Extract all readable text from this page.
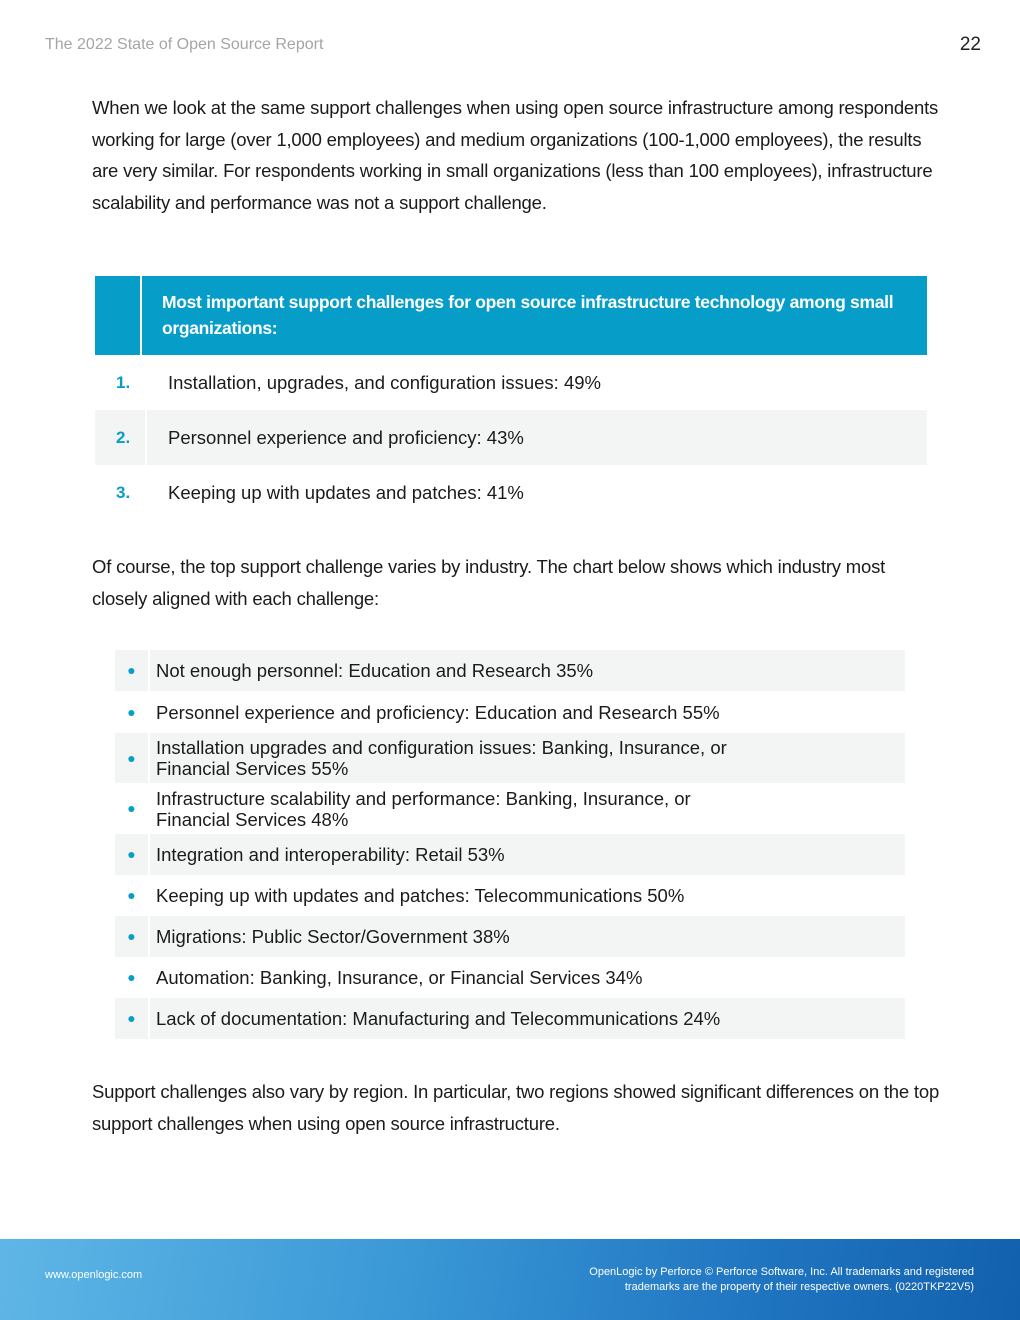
The 2022 State of Open Source Report	22

When we look at the same support challenges when using open source infrastructure among respondents working for large (over 1,000 employees) and medium organizations (100-1,000 employees), the results are very similar. For respondents working in small organizations (less than 100 employees), infrastructure scalability and performance was not a support challenge.

Most important support challenges for open source infrastructure technology among small organizations:
1.	Installation, upgrades, and configuration issues: 49%
2.	Personnel experience and proficiency: 43%
3.	Keeping up with updates and patches: 41%

Of course, the top support challenge varies by industry. The chart below shows which industry most closely aligned with each challenge:

●	Not enough personnel: Education and Research 35%
●	Personnel experience and proficiency: Education and Research 55%
●	Installation upgrades and configuration issues: Banking, Insurance, or Financial Services 55%
●	Infrastructure scalability and performance: Banking, Insurance, or Financial Services 48%
●	Integration and interoperability: Retail 53%
●	Keeping up with updates and patches: Telecommunications 50%
●	Migrations: Public Sector/Government 38%
●	Automation: Banking, Insurance, or Financial Services 34%
●	Lack of documentation: Manufacturing and Telecommunications 24%

Support challenges also vary by region. In particular, two regions showed significant differences on the top support challenges when using open source infrastructure.

www.openlogic.com	OpenLogic by Perforce © Perforce Software, Inc. All trademarks and registered
trademarks are the property of their respective owners. (0220TKP22V5)
